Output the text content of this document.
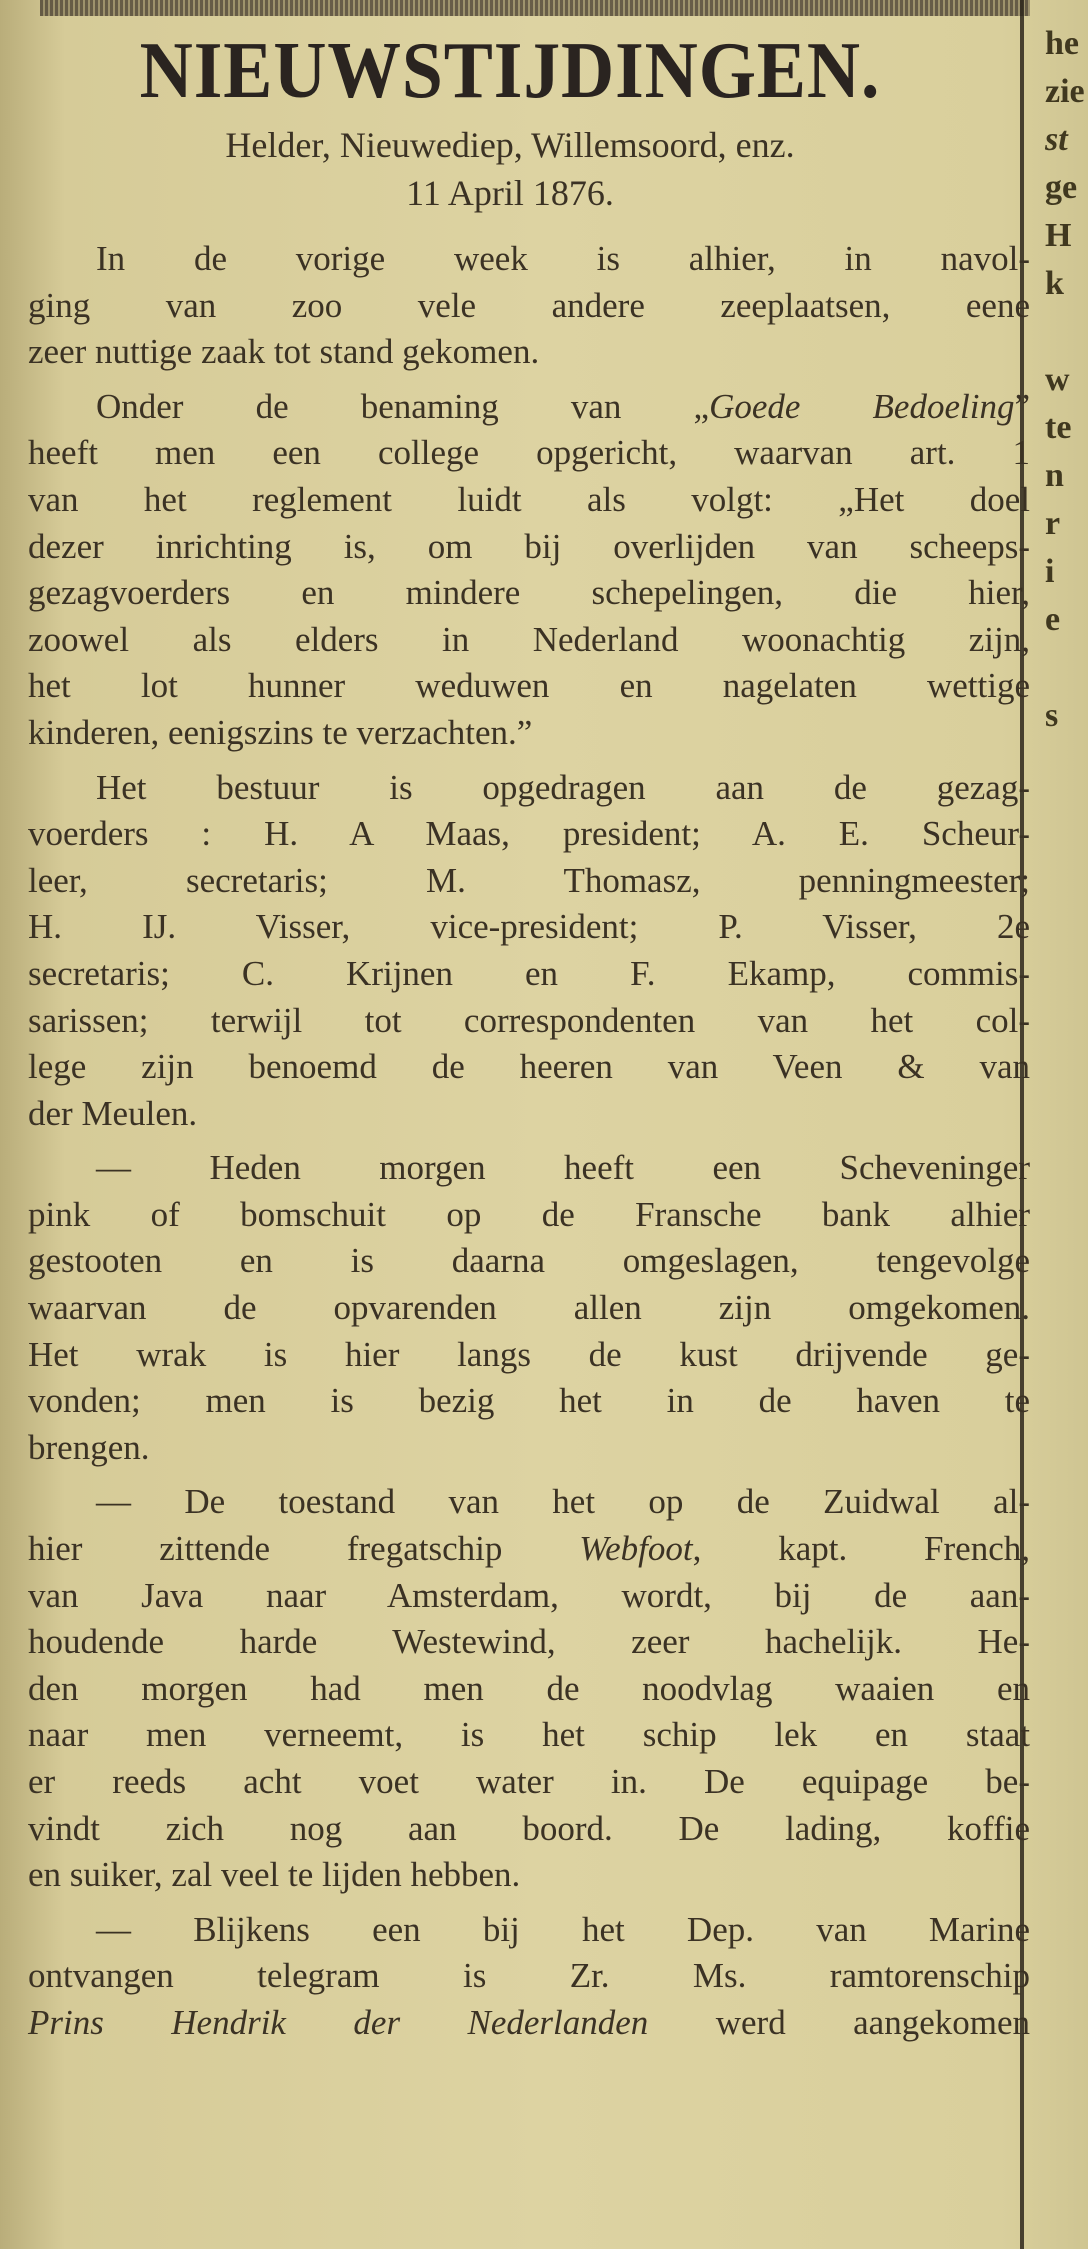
NIEUWSTIJDINGEN.
Helder, Nieuwediep, Willemsoord, enz.
11 April 1876.
In de vorige week is alhier, in navol-
ging van zoo vele andere zeeplaatsen, eene
zeer nuttige zaak tot stand gekomen.
Onder de benaming van „Goede Bedoeling”
heeft men een college opgericht, waarvan art. 1
van het reglement luidt als volgt: „Het doel
dezer inrichting is, om bij overlijden van scheeps-
gezagvoerders en mindere schepelingen, die hier,
zoowel als elders in Nederland woonachtig zijn,
het lot hunner weduwen en nagelaten wettige
kinderen, eenigszins te verzachten.”
Het bestuur is opgedragen aan de gezag-
voerders : H. A Maas, president; A. E. Scheur-
leer, secretaris; M. Thomasz, penningmeester;
H. IJ. Visser, vice-president; P. Visser, 2e
secretaris; C. Krijnen en F. Ekamp, commis-
sarissen; terwijl tot correspondenten van het col-
lege zijn benoemd de heeren van Veen & van
der Meulen.
— Heden morgen heeft een Scheveninger
pink of bomschuit op de Fransche bank alhier
gestooten en is daarna omgeslagen, tengevolge
waarvan de opvarenden allen zijn omgekomen.
Het wrak is hier langs de kust drijvende ge-
vonden; men is bezig het in de haven te
brengen.
— De toestand van het op de Zuidwal al-
hier zittende fregatschip Webfoot, kapt. French,
van Java naar Amsterdam, wordt, bij de aan-
houdende harde Westewind, zeer hachelijk. He-
den morgen had men de noodvlag waaien en
naar men verneemt, is het schip lek en staat
er reeds acht voet water in. De equipage be-
vindt zich nog aan boord. De lading, koffie
en suiker, zal veel te lijden hebben.
— Blijkens een bij het Dep. van Marine
ontvangen telegram is Zr. Ms. ramtorenschip
Prins Hendrik der Nederlanden werd aangekomen
he
zie
st
ge
H
k
w
te
n
r
i
e
s
